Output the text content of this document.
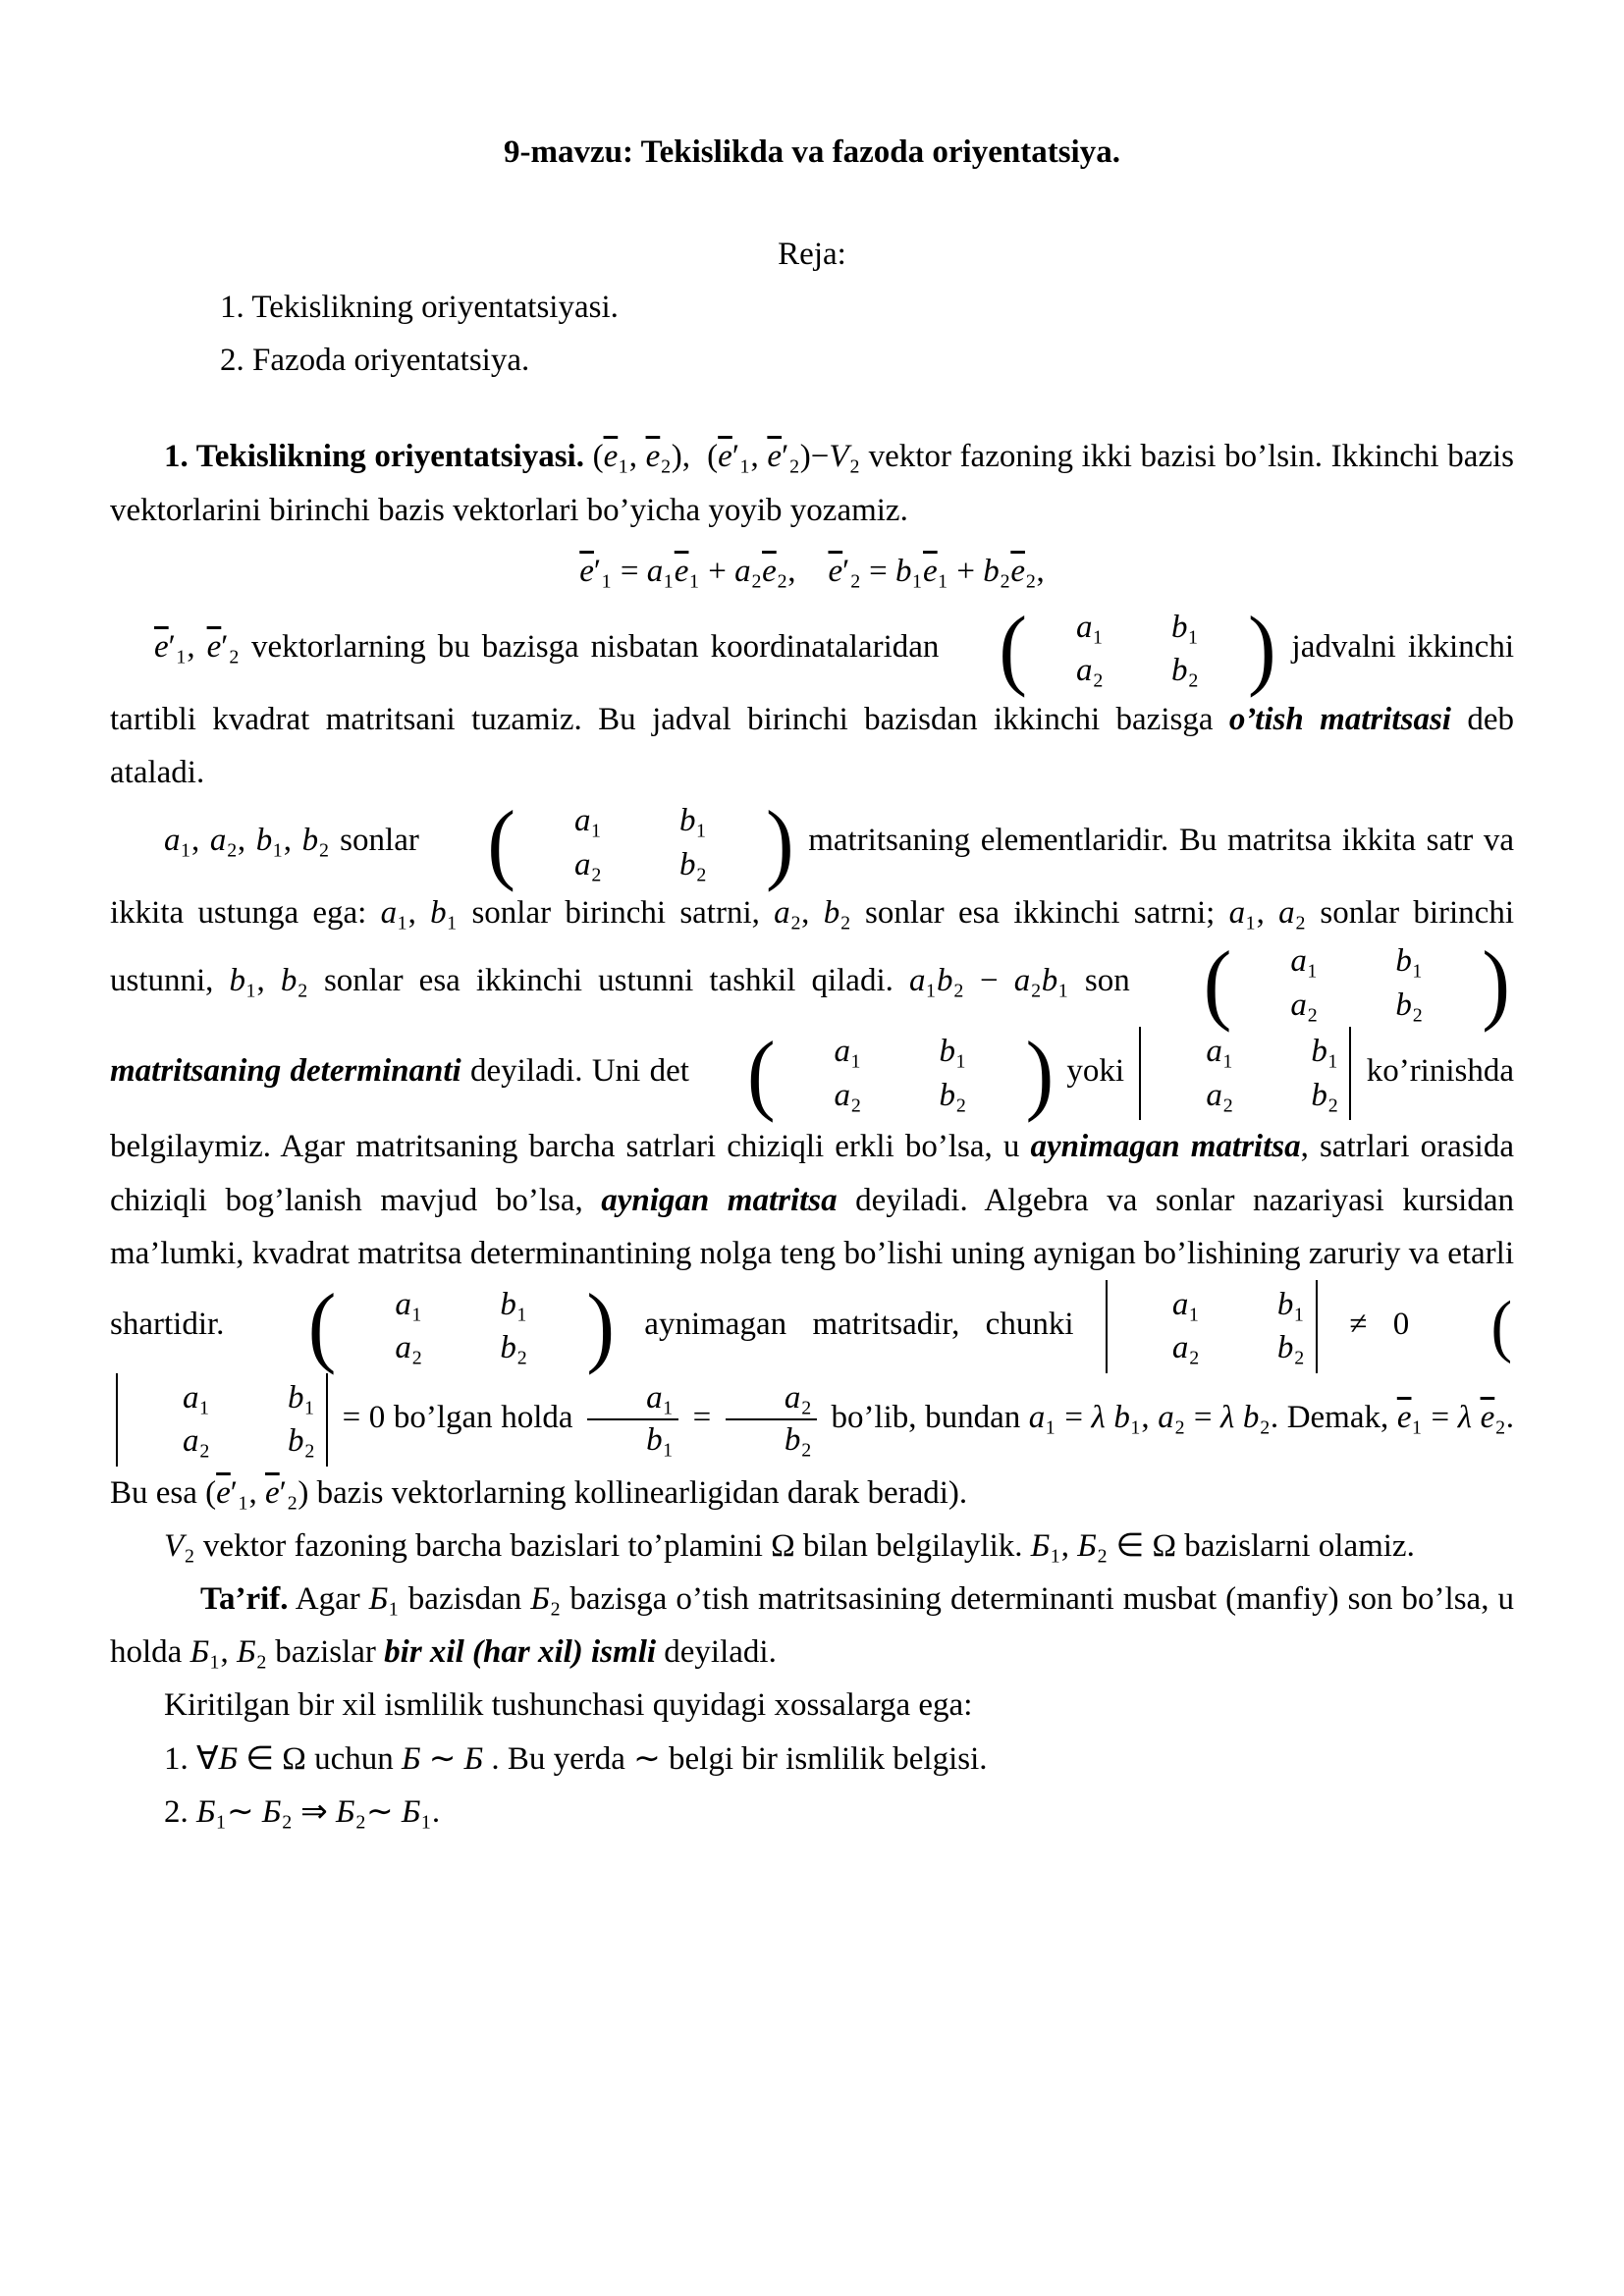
9-mavzu: Tekislikda va fazoda oriyentatsiya.

Reja:

1. Tekislikning oriyentatsiyasi.

2. Fazoda oriyentatsiya.

1. Tekislikning oriyentatsiyasi. ($\overline{e}_1$, $\overline{e}_2$),  ($\overline{e}'_1$, $\overline{e}'_2)-V_2$ vektor fazoning ikki bazisi bo’lsin. Ikkinchi bazis vektorlarini birinchi bazis vektorlari bo’yicha yoyib yozamiz.

$\overline{e}'_1 = a_1\overline{e}_1 + a_2\overline{e}_2$,    $\overline{e}'_2 = b_1\overline{e}_1 + b_2\overline{e}_2$,

$\overline{e}'_1$, $\overline{e}'_2$ vektorlarning bu bazisga nisbatan koordinatalaridan (	a₁	b₁
a₂	b₂ ) jadvalni ikkinchi tartibli kvadrat matritsani tuzamiz. Bu jadval birinchi bazisdan ikkinchi bazisga o’tish matritsasi deb ataladi.

a₁, a₂, b₁, b₂ sonlar (	a₁	b₁
a₂	b₂ ) matritsaning elementlaridir. Bu matritsa ikkita satr va ikkita ustunga ega: a₁, b₁ sonlar birinchi satrni, a₂, b₂ sonlar esa ikkinchi satrni; a₁, a₂ sonlar birinchi ustunni, b₁, b₂ sonlar esa ikkinchi ustunni tashkil qiladi. a₁b₂ − a₂b₁ son (	a₁	b₁
a₂	b₂ )
matritsaning determinanti deyiladi. Uni det (	a₁	b₁
a₂	b₂ ) yoki
a₁	b₁
a₂	b₂
ko’rinishda belgilaymiz. Agar matritsaning barcha satrlari chiziqli erkli bo’lsa, u aynimagan matritsa, satrlari orasida chiziqli bog’lanish mavjud bo’lsa, aynigan matritsa deyiladi. Algebra va sonlar nazariyasi kursidan ma’lumki, kvadrat matritsa determinantining nolga teng bo’lishi uning aynigan bo’lishining zaruriy va etarli shartidir. (	a₁	b₁
a₂	b₂ ) aynimagan matritsadir, chunki
a₁	b₁
a₂	b₂
≠ 0 (
a₁	b₁
a₂	b₂
= 0 bo’lgan holda $\frac{\text{a₁}}{\text{b₁}} = \frac{\text{a₂}}{\text{b₂}}$ bo’lib, bundan a₁ = λ b₁, a₂ = λ b₂. Demak, $\overline{e}_1 = \lambda$ $\overline{e}_2$. Bu esa ($\overline{e}'_1$, $\overline{e}'_2$) bazis vektorlarning kollinearligidan darak beradi).

V₂ vektor fazoning barcha bazislari to’plamini Ω bilan belgilaylik. Б₁, Б₂ ∈ Ω bazislarni olamiz.

Ta’rif. Agar Б₁ bazisdan Б₂ bazisga o’tish matritsasining determinanti musbat (manfiy) son bo’lsa, u holda Б₁, Б₂ bazislar bir xil (har xil) ismli deyiladi.

Kiritilgan bir xil ismlilik tushunchasi quyidagi xossalarga ega:

1. ∀Б ∈ Ω uchun Б ∼ Б . Bu yerda ∼ belgi bir ismlilik belgisi.

2. Б₁∼ Б₂ ⇒ Б₂∼ Б₁.
